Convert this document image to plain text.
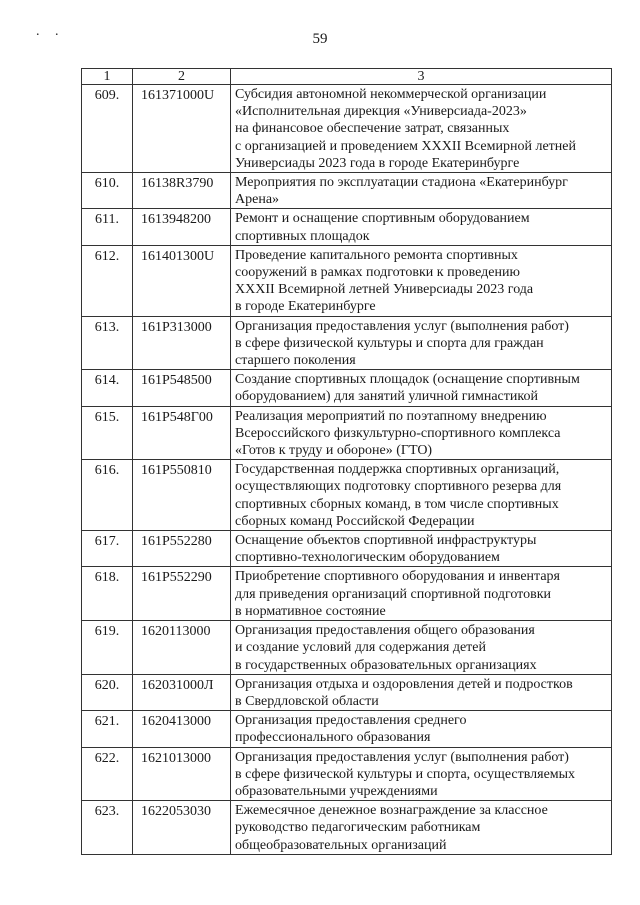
. .	59
1	2	3
609.	161371000U	Субсидия автономной некоммерческой организации
«Исполнительная дирекция «Универсиада-2023»
на финансовое обеспечение затрат, связанных
с организацией и проведением XXXII Всемирной летней
Универсиады 2023 года в городе Екатеринбурге

610.	16138R3790	Мероприятия по эксплуатации стадиона «Екатеринбург
Арена»

611.	1613948200	Ремонт и оснащение спортивным оборудованием
спортивных площадок

612.	161401300U	Проведение капитального ремонта спортивных
сооружений в рамках подготовки к проведению
XXXII Всемирной летней Универсиады 2023 года
в городе Екатеринбурге

613.	161P313000	Организация предоставления услуг (выполнения работ)
в сфере физической культуры и спорта для граждан
старшего поколения

614.	161P548500	Создание спортивных площадок (оснащение спортивным
оборудованием) для занятий уличной гимнастикой

615.	161P548Г00	Реализация мероприятий по поэтапному внедрению
Всероссийского физкультурно-спортивного комплекса
«Готов к труду и обороне» (ГТО)

616.	161P550810	Государственная поддержка спортивных организаций,
осуществляющих подготовку спортивного резерва для
спортивных сборных команд, в том числе спортивных
сборных команд Российской Федерации

617.	161P552280	Оснащение объектов спортивной инфраструктуры
спортивно-технологическим оборудованием

618.	161P552290	Приобретение спортивного оборудования и инвентаря
для приведения организаций спортивной подготовки
в нормативное состояние

619.	1620113000	Организация предоставления общего образования
и создание условий для содержания детей
в государственных образовательных организациях

620.	162031000Л	Организация отдыха и оздоровления детей и подростков
в Свердловской области

621.	1620413000	Организация предоставления среднего
профессионального образования

622.	1621013000	Организация предоставления услуг (выполнения работ)
в сфере физической культуры и спорта, осуществляемых
образовательными учреждениями

623.	1622053030	Ежемесячное денежное вознаграждение за классное
руководство педагогическим работникам
общеобразовательных организаций
